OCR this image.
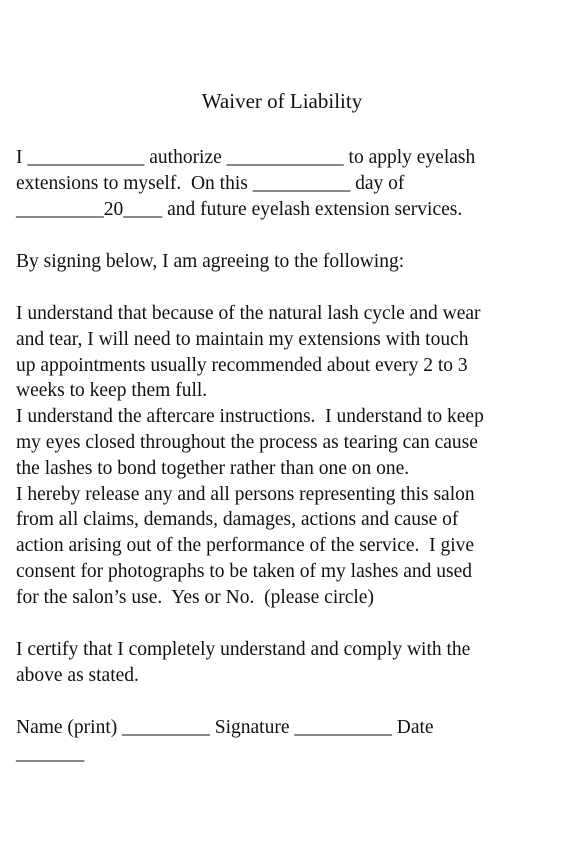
Waiver of Liability

I ____________ authorize ____________ to apply eyelash
extensions to myself.  On this __________ day of
_________20____ and future eyelash extension services.

By signing below, I am agreeing to the following:

I understand that because of the natural lash cycle and wear
and tear, I will need to maintain my extensions with touch
up appointments usually recommended about every 2 to 3
weeks to keep them full.
I understand the aftercare instructions.  I understand to keep
my eyes closed throughout the process as tearing can cause
the lashes to bond together rather than one on one.
I hereby release any and all persons representing this salon
from all claims, demands, damages, actions and cause of
action arising out of the performance of the service.  I give
consent for photographs to be taken of my lashes and used
for the salon’s use.  Yes or No.  (please circle)

I certify that I completely understand and comply with the
above as stated.

Name (print) _________ Signature __________ Date
_______
